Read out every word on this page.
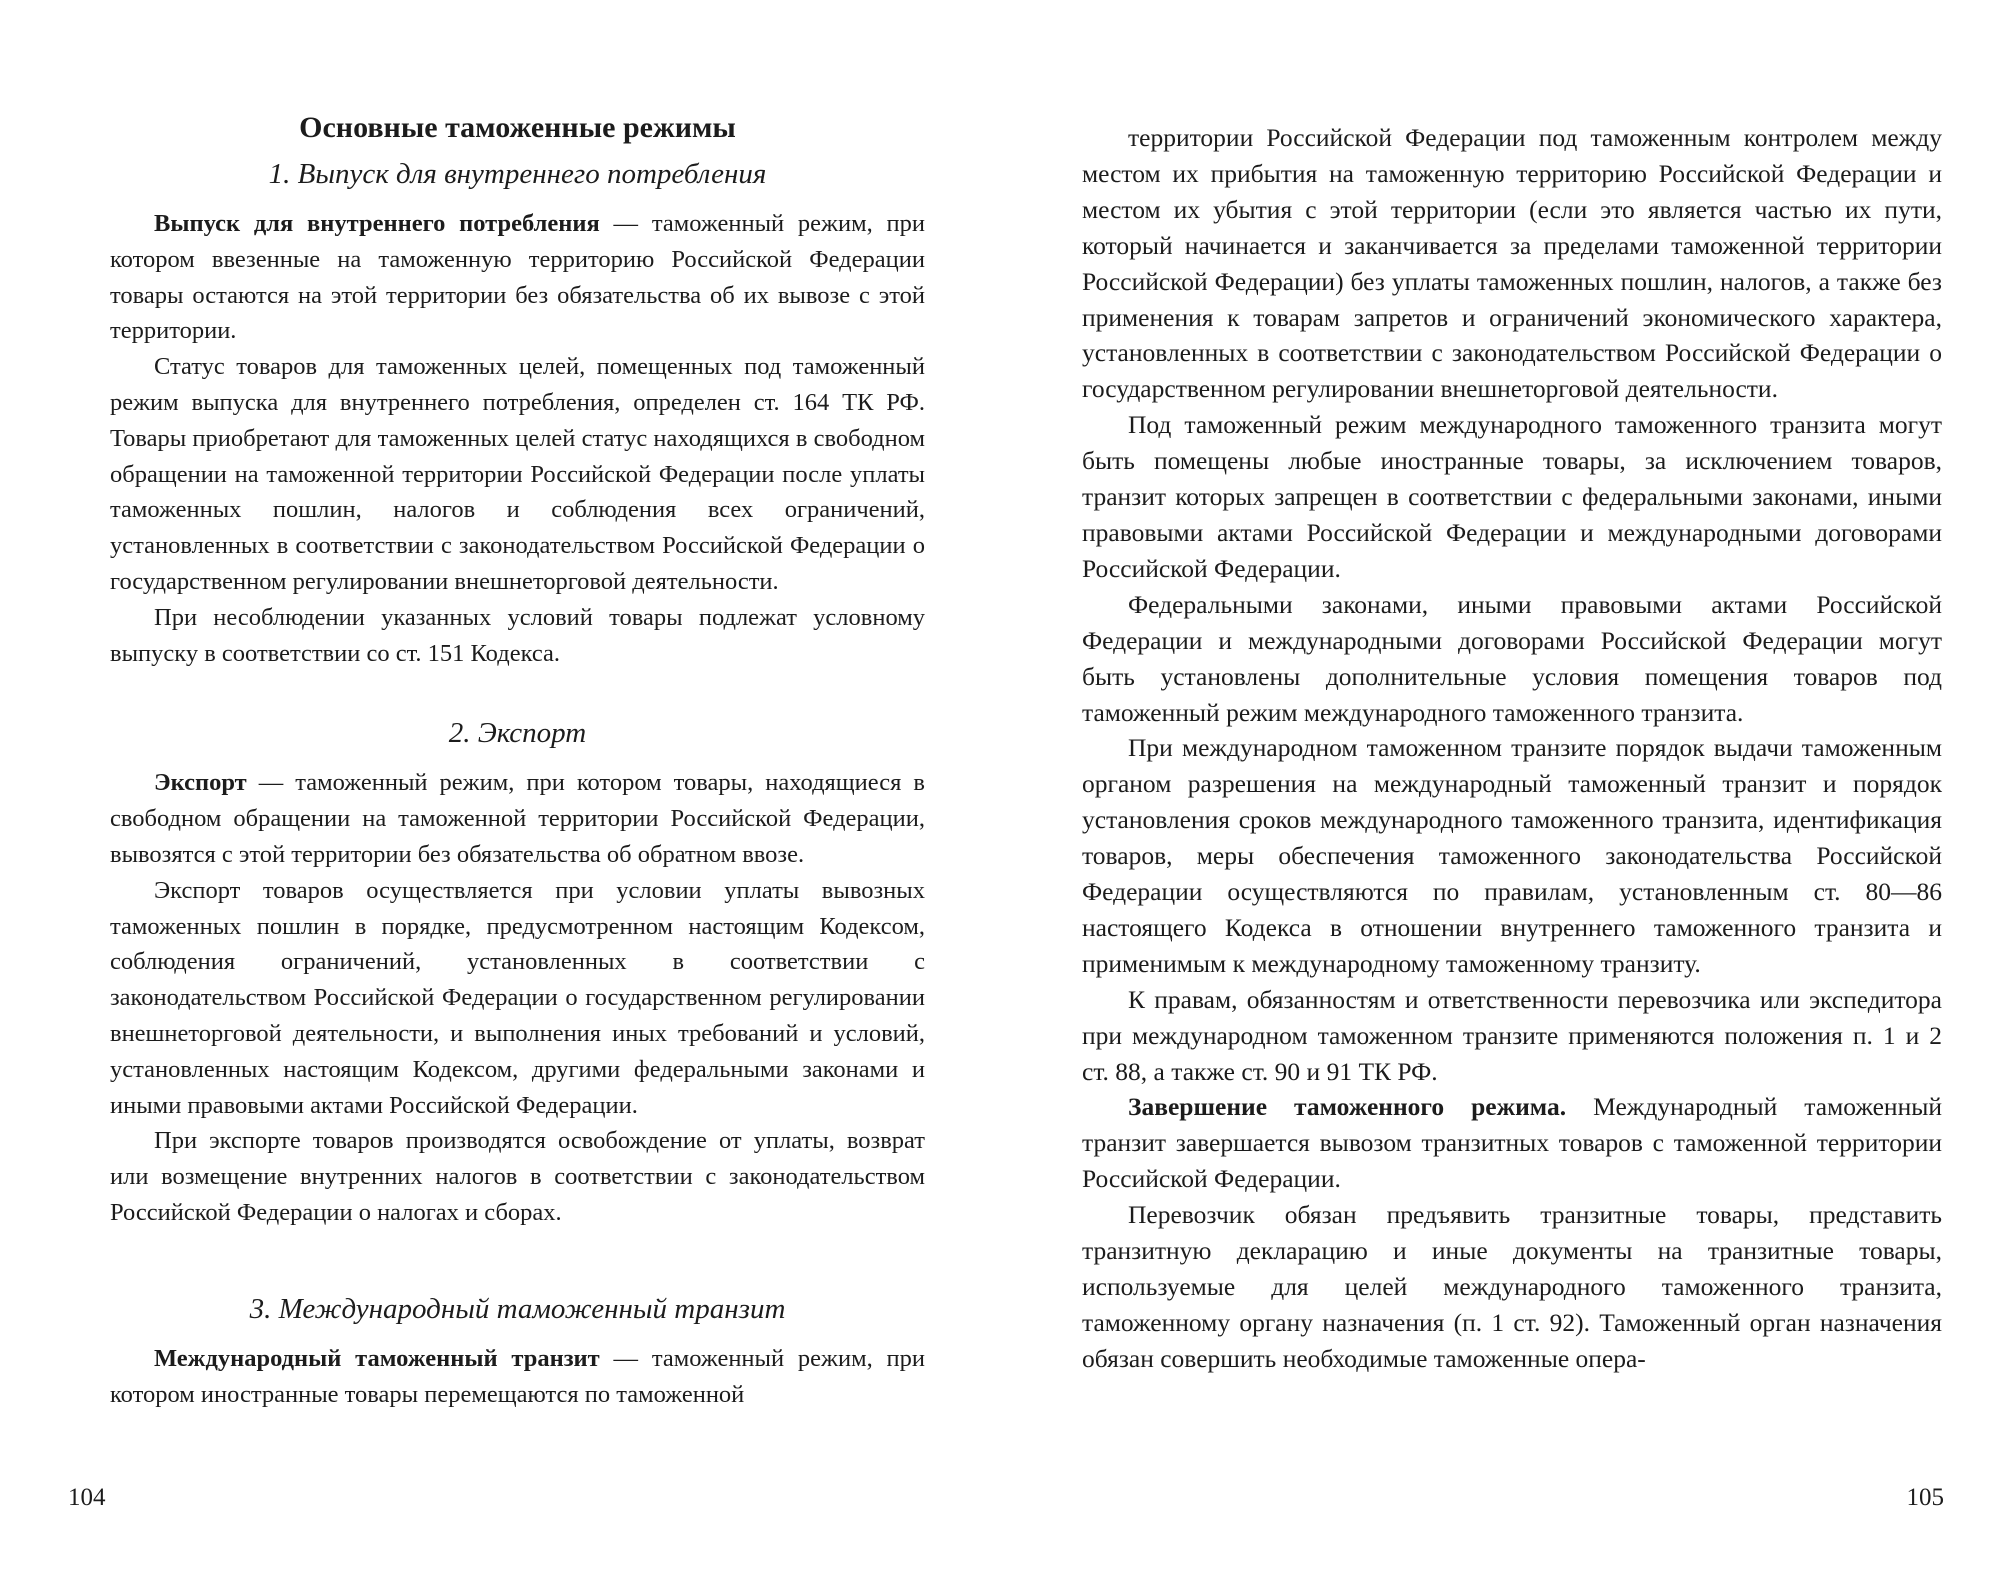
Основные таможенные режимы
1. Выпуск для внутреннего потребления

Выпуск для внутреннего потребления — таможенный режим, при котором ввезенные на таможенную территорию Российской Федерации товары остаются на этой территории без обязательства об их вывозе с этой территории.

Статус товаров для таможенных целей, помещенных под таможенный режим выпуска для внутреннего потребления, определен ст. 164 ТК РФ. Товары приобретают для таможенных целей статус находящихся в свободном обращении на таможенной территории Российской Федерации после уплаты таможенных пошлин, налогов и соблюдения всех ограничений, установленных в соответствии с законодательством Российской Федерации о государственном регулировании внешнеторговой деятельности.

При несоблюдении указанных условий товары подлежат условному выпуску в соответствии со ст. 151 Кодекса.

2. Экспорт

Экспорт — таможенный режим, при котором товары, находящиеся в свободном обращении на таможенной территории Российской Федерации, вывозятся с этой территории без обязательства об обратном ввозе.

Экспорт товаров осуществляется при условии уплаты вывозных таможенных пошлин в порядке, предусмотренном настоящим Кодексом, соблюдения ограничений, установленных в соответствии с законодательством Российской Федерации о государственном регулировании внешнеторговой деятельности, и выполнения иных требований и условий, установленных настоящим Кодексом, другими федеральными законами и иными правовыми актами Российской Федерации.

При экспорте товаров производятся освобождение от уплаты, возврат или возмещение внутренних налогов в соответствии с законодательством Российской Федерации о налогах и сборах.

3. Международный таможенный транзит

Международный таможенный транзит — таможенный режим, при котором иностранные товары перемещаются по таможенной

104

территории Российской Федерации под таможенным контролем между местом их прибытия на таможенную территорию Российской Федерации и местом их убытия с этой территории (если это является частью их пути, который начинается и заканчивается за пределами таможенной территории Российской Федерации) без уплаты таможенных пошлин, налогов, а также без применения к товарам запретов и ограничений экономического характера, установленных в соответствии с законодательством Российской Федерации о государственном регулировании внешнеторговой деятельности.

Под таможенный режим международного таможенного транзита могут быть помещены любые иностранные товары, за исключением товаров, транзит которых запрещен в соответствии с федеральными законами, иными правовыми актами Российской Федерации и международными договорами Российской Федерации.

Федеральными законами, иными правовыми актами Российской Федерации и международными договорами Российской Федерации могут быть установлены дополнительные условия помещения товаров под таможенный режим международного таможенного транзита.

При международном таможенном транзите порядок выдачи таможенным органом разрешения на международный таможенный транзит и порядок установления сроков международного таможенного транзита, идентификация товаров, меры обеспечения таможенного законодательства Российской Федерации осуществляются по правилам, установленным ст. 80—86 настоящего Кодекса в отношении внутреннего таможенного транзита и применимым к международному таможенному транзиту.

К правам, обязанностям и ответственности перевозчика или экспедитора при международном таможенном транзите применяются положения п. 1 и 2 ст. 88, а также ст. 90 и 91 ТК РФ.

Завершение таможенного режима. Международный таможенный транзит завершается вывозом транзитных товаров с таможенной территории Российской Федерации.

Перевозчик обязан предъявить транзитные товары, представить транзитную декларацию и иные документы на транзитные товары, используемые для целей международного таможенного транзита, таможенному органу назначения (п. 1 ст. 92). Таможенный орган назначения обязан совершить необходимые таможенные опера-

105
